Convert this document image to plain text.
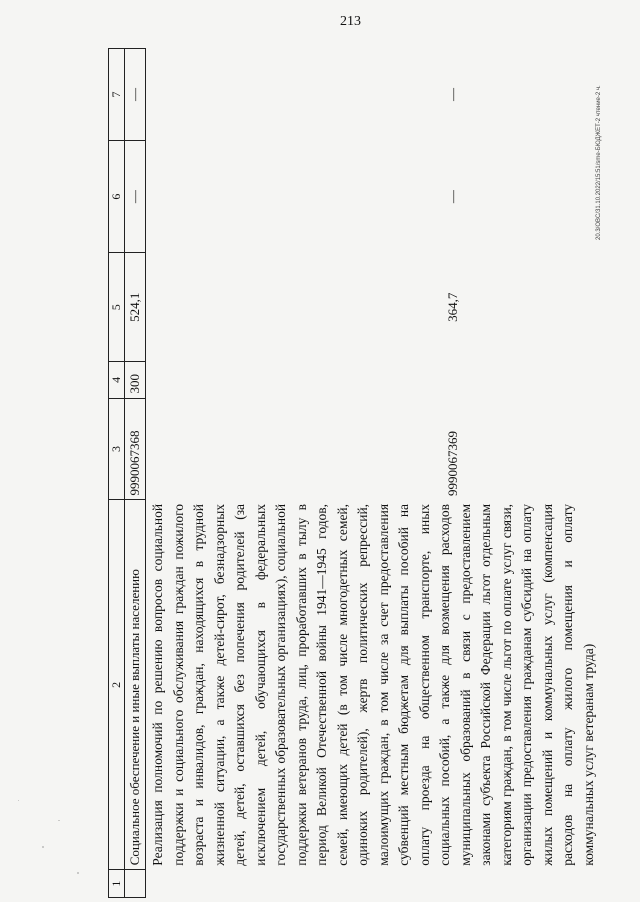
213
20.3/OBC/31.10.2022/15:51/sme-БЮДЖЕТ-2 чтение-2 ч.
1	2	3	4	5	6	7
	Социальное обеспечение и иные выплаты населению	9990067368	300	524,1	—	—
	Реализация полномочий по решению вопросов социальной поддержки и социального обслуживания граждан пожилого возраста и инвалидов, граждан, находящихся в трудной жизненной ситуации, а также детей-сирот, безнадзорных детей, детей, оставшихся без попечения родителей (за исключением детей, обучающихся в федеральных государственных образовательных организациях), социальной поддержки ветеранов труда, лиц, проработавших в тылу в период Великой Отечественной войны 1941—1945 годов, семей, имеющих детей (в том числе многодетных семей, одиноких родителей), жертв политических репрессий, малоимущих граждан, в том числе за счет предоставления субвенций местным бюджетам для выплаты пособий на оплату проезда на общественном транспорте, иных социальных пособий, а также для возмещения расходов муниципальных образований в связи с предоставлением законами субъекта Российской Федерации льгот отдельным категориям граждан, в том числе льгот по оплате услуг связи, организации предоставления гражданам субсидий на оплату жилых помещений и коммунальных услуг (компенсация расходов на оплату жилого помещения и оплату коммунальных услуг ветеранам труда)	9990067369		364,7	—	—
